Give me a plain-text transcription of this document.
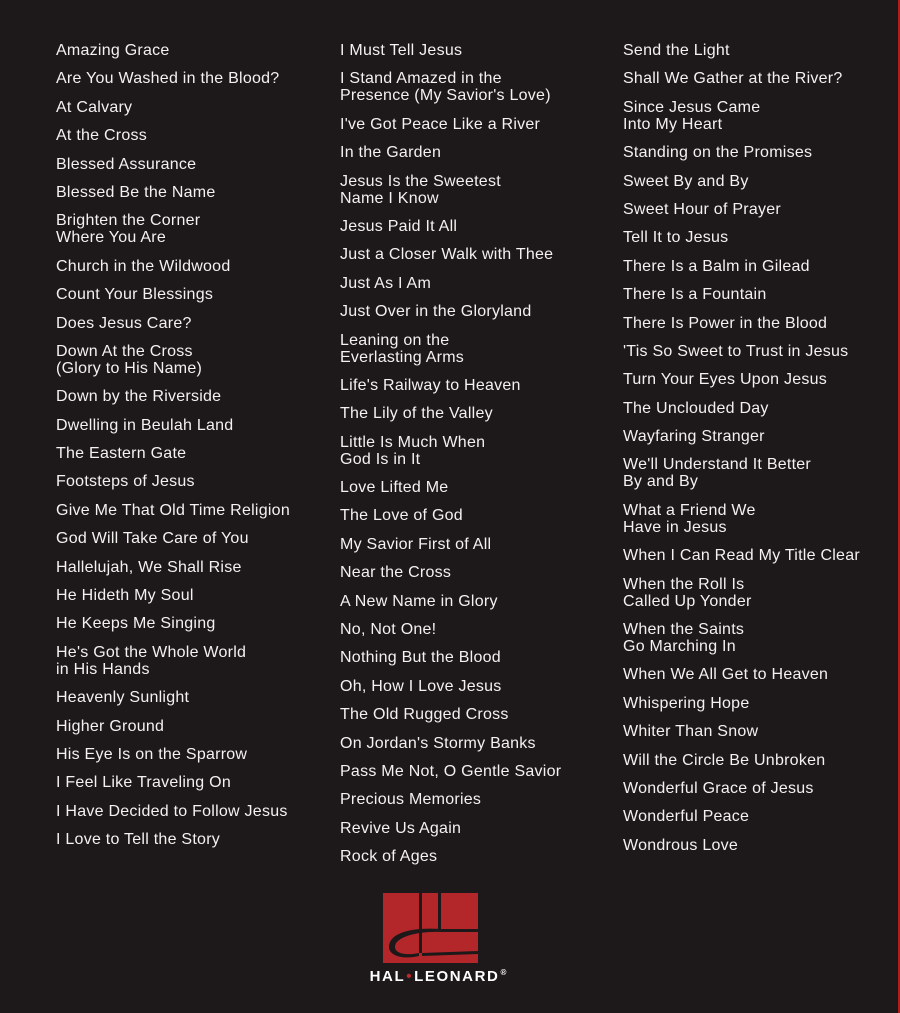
Amazing Grace
Are You Washed in the Blood?
At Calvary
At the Cross
Blessed Assurance
Blessed Be the Name
Brighten the Corner
Where You Are
Church in the Wildwood
Count Your Blessings
Does Jesus Care?
Down At the Cross
(Glory to His Name)
Down by the Riverside
Dwelling in Beulah Land
The Eastern Gate
Footsteps of Jesus
Give Me That Old Time Religion
God Will Take Care of You
Hallelujah, We Shall Rise
He Hideth My Soul
He Keeps Me Singing
He's Got the Whole World
in His Hands
Heavenly Sunlight
Higher Ground
His Eye Is on the Sparrow
I Feel Like Traveling On
I Have Decided to Follow Jesus
I Love to Tell the Story
I Must Tell Jesus
I Stand Amazed in the
Presence (My Savior's Love)
I've Got Peace Like a River
In the Garden
Jesus Is the Sweetest
Name I Know
Jesus Paid It All
Just a Closer Walk with Thee
Just As I Am
Just Over in the Gloryland
Leaning on the
Everlasting Arms
Life's Railway to Heaven
The Lily of the Valley
Little Is Much When
God Is in It
Love Lifted Me
The Love of God
My Savior First of All
Near the Cross
A New Name in Glory
No, Not One!
Nothing But the Blood
Oh, How I Love Jesus
The Old Rugged Cross
On Jordan's Stormy Banks
Pass Me Not, O Gentle Savior
Precious Memories
Revive Us Again
Rock of Ages
Send the Light
Shall We Gather at the River?
Since Jesus Came
Into My Heart
Standing on the Promises
Sweet By and By
Sweet Hour of Prayer
Tell It to Jesus
There Is a Balm in Gilead
There Is a Fountain
There Is Power in the Blood
'Tis So Sweet to Trust in Jesus
Turn Your Eyes Upon Jesus
The Unclouded Day
Wayfaring Stranger
We'll Understand It Better
By and By
What a Friend We
Have in Jesus
When I Can Read My Title Clear
When the Roll Is
Called Up Yonder
When the Saints
Go Marching In
When We All Get to Heaven
Whispering Hope
Whiter Than Snow
Will the Circle Be Unbroken
Wonderful Grace of Jesus
Wonderful Peace
Wondrous Love
HAL•LEONARD®
